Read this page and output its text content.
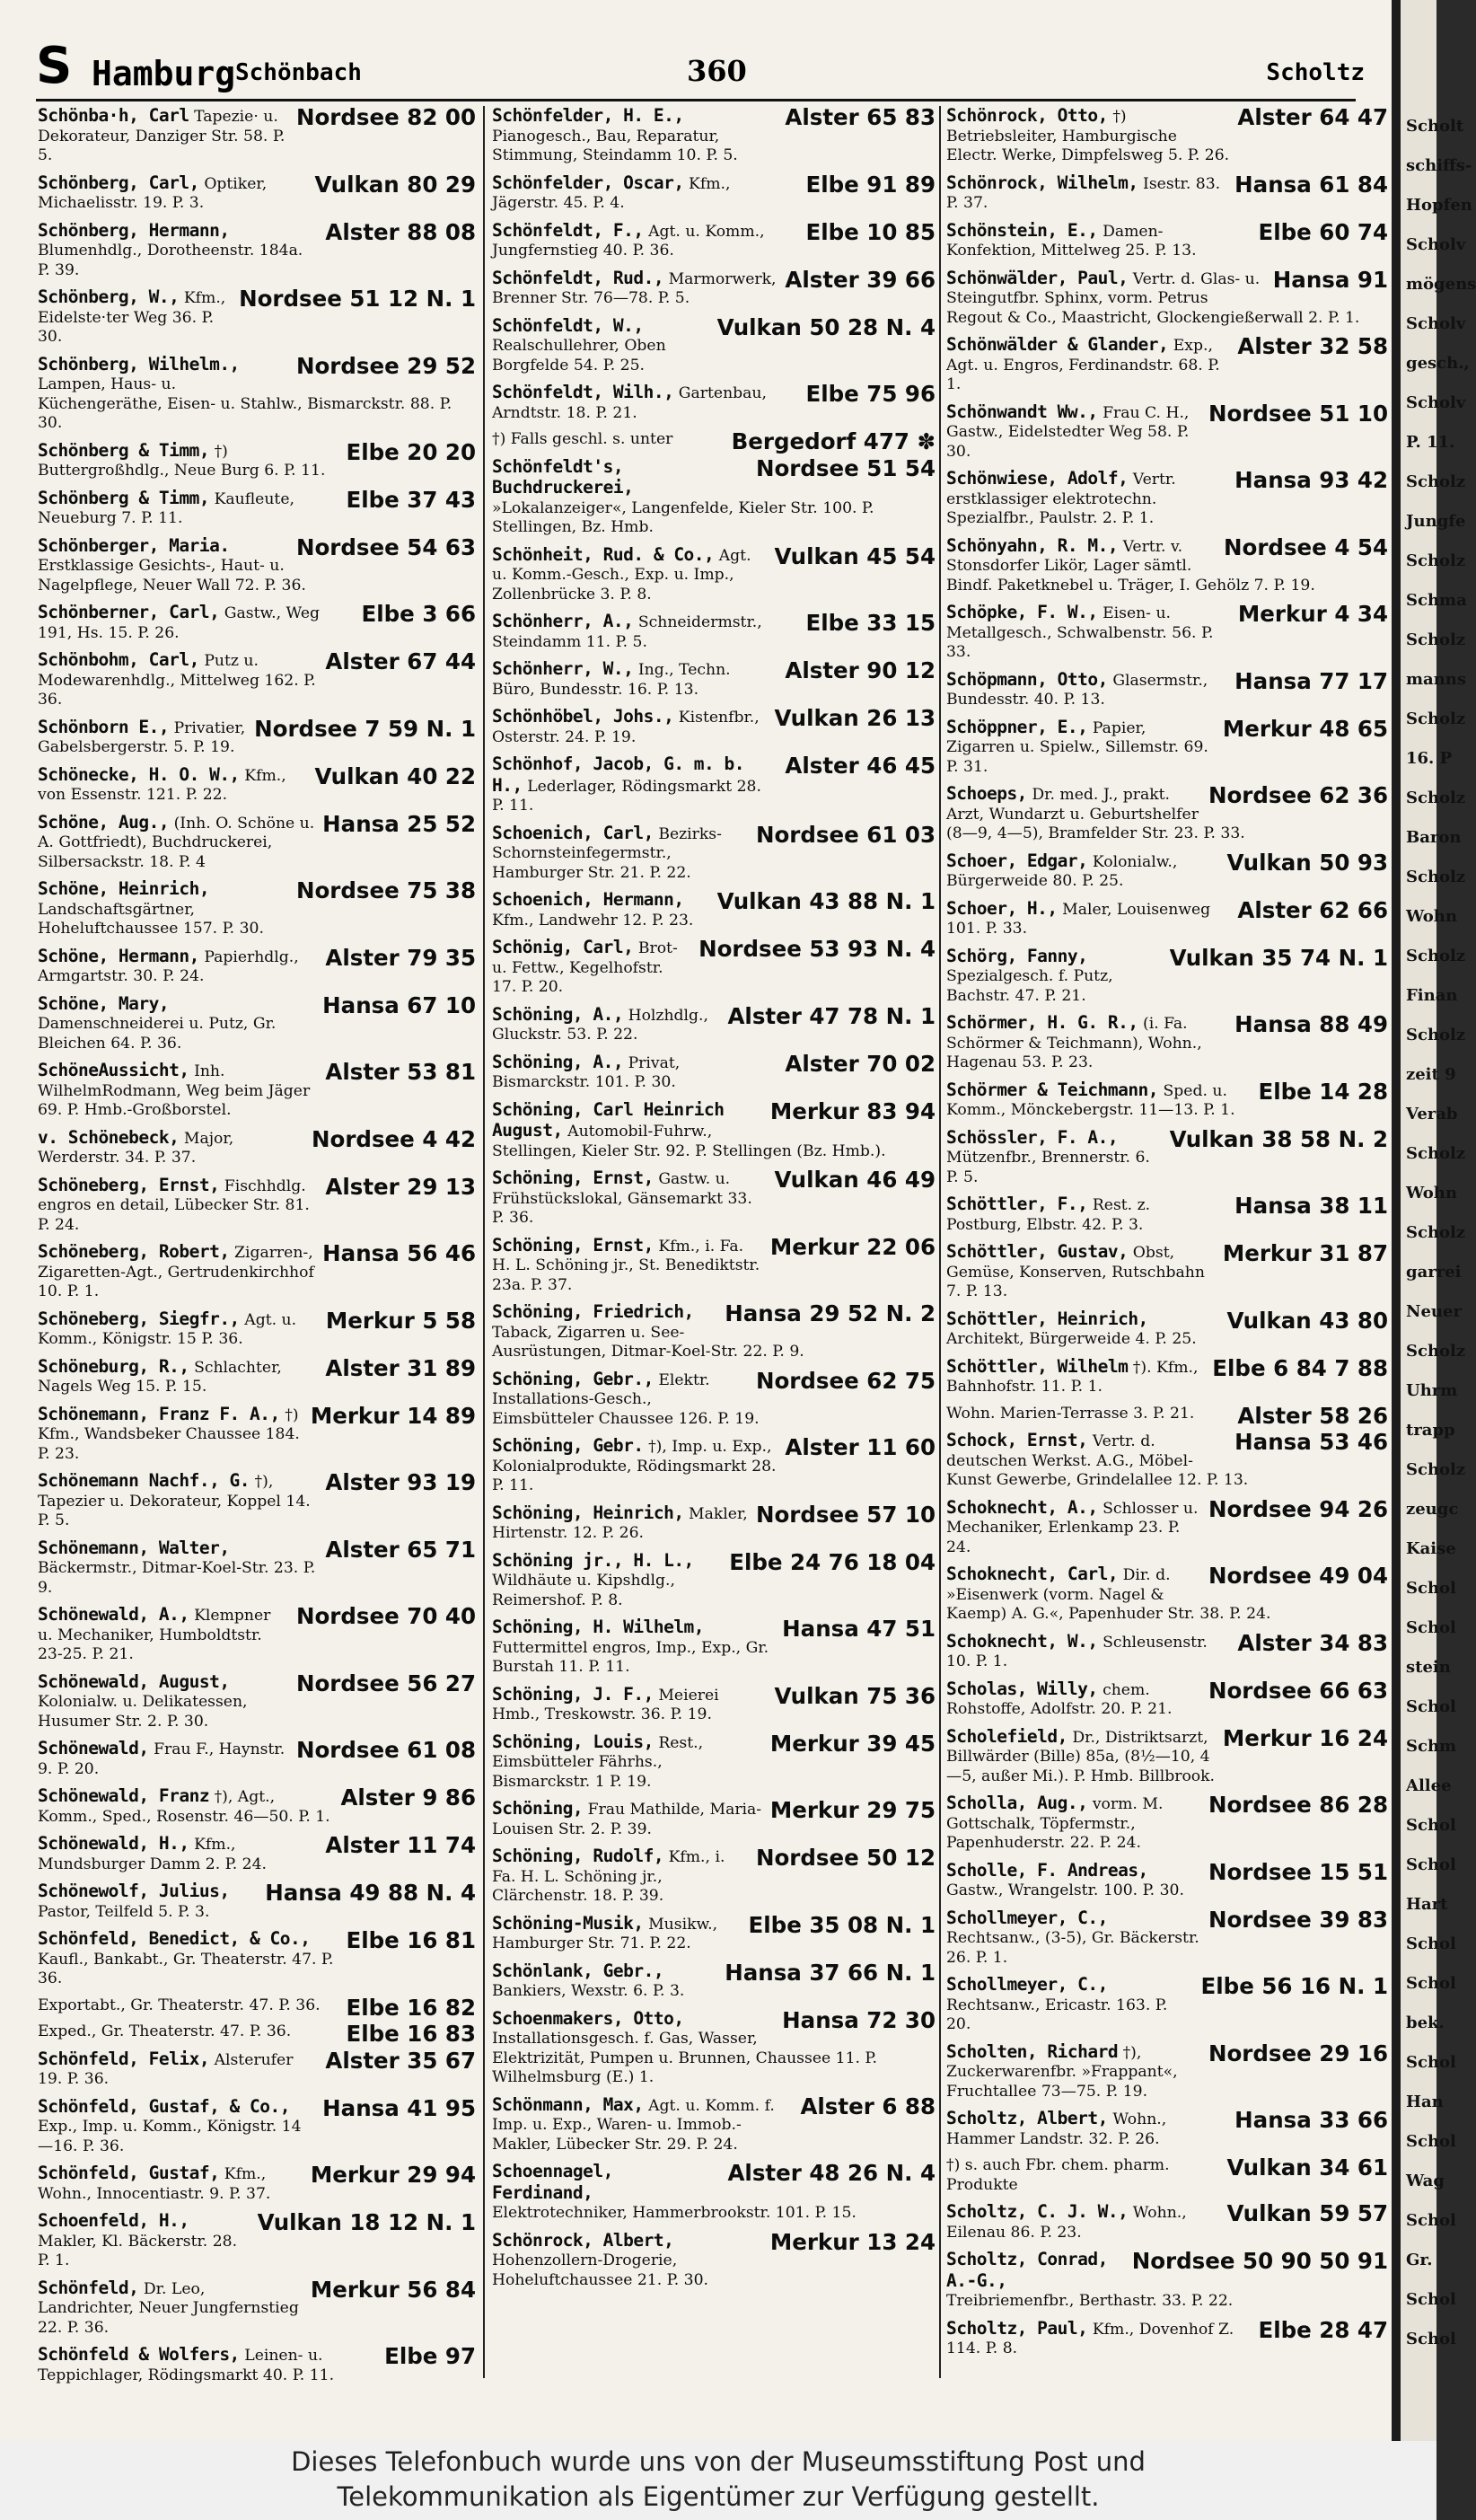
S Hamburg Schönbach	360	Scholtz
Nordsee 82 00
Schönba·h, Carl Tapezie· u. Dekorateur, Danziger Str. 58. P. 5.
Vulkan 80 29
Schönberg, Carl, Optiker, Michaelisstr. 19. P. 3.
Alster 88 08
Schönberg, Hermann, Blumenhdlg., Dorotheenstr. 184a. P. 39.
Nordsee 51 12 N. 1
Schönberg, W., Kfm., Eidelste·ter Weg 36. P. 30.
Nordsee 29 52
Schönberg, Wilhelm., Lampen, Haus- u. Küchengeräthe, Eisen- u. Stahlw., Bismarckstr. 88. P. 30.
Elbe 20 20
Schönberg & Timm, †) Buttergroßhdlg., Neue Burg 6. P. 11.
Elbe 37 43
Schönberg & Timm, Kaufleute, Neueburg 7. P. 11.
Nordsee 54 63
Schönberger, Maria. Erstklassige Gesichts-, Haut- u. Nagelpflege, Neuer Wall 72. P. 36.
Elbe 3 66
Schönberner, Carl, Gastw., Weg 191, Hs. 15. P. 26.
Alster 67 44
Schönbohm, Carl, Putz u. Modewarenhdlg., Mittelweg 162. P. 36.
Nordsee 7 59 N. 1
Schönborn E., Privatier, Gabelsbergerstr. 5. P. 19.
Vulkan 40 22
Schönecke, H. O. W., Kfm., von Essenstr. 121. P. 22.
Hansa 25 52
Schöne, Aug., (Inh. O. Schöne u. A. Gottfriedt), Buchdruckerei, Silbersackstr. 18. P. 4
Nordsee 75 38
Schöne, Heinrich, Landschaftsgärtner, Hoheluftchaussee 157. P. 30.
Alster 79 35
Schöne, Hermann, Papierhdlg., Armgartstr. 30. P. 24.
Hansa 67 10
Schöne, Mary, Damenschneiderei u. Putz, Gr. Bleichen 64. P. 36.
Alster 53 81
SchöneAussicht, Inh. WilhelmRodmann, Weg beim Jäger 69. P. Hmb.-Großborstel.
Nordsee 4 42
v. Schönebeck, Major, Werderstr. 34. P. 37.
Alster 29 13
Schöneberg, Ernst, Fischhdlg. engros en detail, Lübecker Str. 81. P. 24.
Hansa 56 46
Schöneberg, Robert, Zigarren-, Zigaretten-Agt., Gertrudenkirchhof 10. P. 1.
Merkur 5 58
Schöneberg, Siegfr., Agt. u. Komm., Königstr. 15 P. 36.
Alster 31 89
Schöneburg, R., Schlachter, Nagels Weg 15. P. 15.
Merkur 14 89
Schönemann, Franz F. A., †) Kfm., Wandsbeker Chaussee 184. P. 23.
Alster 93 19
Schönemann Nachf., G. †), Tapezier u. Dekorateur, Koppel 14. P. 5.
Alster 65 71
Schönemann, Walter, Bäckermstr., Ditmar-Koel-Str. 23. P. 9.
Nordsee 70 40
Schönewald, A., Klempner u. Mechaniker, Humboldtstr. 23-25. P. 21.
Nordsee 56 27
Schönewald, August, Kolonialw. u. Delikatessen, Husumer Str. 2. P. 30.
Nordsee 61 08
Schönewald, Frau F., Haynstr. 9. P. 20.
Alster 9 86
Schönewald, Franz †), Agt., Komm., Sped., Rosenstr. 46—50. P. 1.
Alster 11 74
Schönewald, H., Kfm., Mundsburger Damm 2. P. 24.
Hansa 49 88 N. 4
Schönewolf, Julius, Pastor, Teilfeld 5. P. 3.
Elbe 16 81
Schönfeld, Benedict, & Co., Kaufl., Bankabt., Gr. Theaterstr. 47. P. 36.
Elbe 16 82
Exportabt., Gr. Theaterstr. 47. P. 36.
Elbe 16 83
Exped., Gr. Theaterstr. 47. P. 36.
Alster 35 67
Schönfeld, Felix, Alsterufer 19. P. 36.
Hansa 41 95
Schönfeld, Gustaf, & Co., Exp., Imp. u. Komm., Königstr. 14—16. P. 36.
Merkur 29 94
Schönfeld, Gustaf, Kfm., Wohn., Innocentiastr. 9. P. 37.
Vulkan 18 12 N. 1
Schoenfeld, H., Makler, Kl. Bäckerstr. 28. P. 1.
Merkur 56 84
Schönfeld, Dr. Leo, Landrichter, Neuer Jungfernstieg 22. P. 36.
Elbe 97
Schönfeld & Wolfers, Leinen- u. Teppichlager, Rödingsmarkt 40. P. 11.
Alster 65 83
Schönfelder, H. E., Pianogesch., Bau, Reparatur, Stimmung, Steindamm 10. P. 5.
Elbe 91 89
Schönfelder, Oscar, Kfm., Jägerstr. 45. P. 4.
Elbe 10 85
Schönfeldt, F., Agt. u. Komm., Jungfernstieg 40. P. 36.
Alster 39 66
Schönfeldt, Rud., Marmorwerk, Brenner Str. 76—78. P. 5.
Vulkan 50 28 N. 4
Schönfeldt, W., Realschullehrer, Oben Borgfelde 54. P. 25.
Elbe 75 96
Schönfeldt, Wilh., Gartenbau, Arndtstr. 18. P. 21.
Bergedorf 477 ✽
†) Falls geschl. s. unter
Nordsee 51 54
Schönfeldt's, Buchdruckerei, »Lokalanzeiger«, Langenfelde, Kieler Str. 100. P. Stellingen, Bz. Hmb.
Vulkan 45 54
Schönheit, Rud. & Co., Agt. u. Komm.-Gesch., Exp. u. Imp., Zollenbrücke 3. P. 8.
Elbe 33 15
Schönherr, A., Schneidermstr., Steindamm 11. P. 5.
Alster 90 12
Schönherr, W., Ing., Techn. Büro, Bundesstr. 16. P. 13.
Vulkan 26 13
Schönhöbel, Johs., Kistenfbr., Osterstr. 24. P. 19.
Alster 46 45
Schönhof, Jacob, G. m. b. H., Lederlager, Rödingsmarkt 28. P. 11.
Nordsee 61 03
Schoenich, Carl, Bezirks-Schornsteinfegermstr., Hamburger Str. 21. P. 22.
Vulkan 43 88 N. 1
Schoenich, Hermann, Kfm., Landwehr 12. P. 23.
Nordsee 53 93 N. 4
Schönig, Carl, Brot- u. Fettw., Kegelhofstr. 17. P. 20.
Alster 47 78 N. 1
Schöning, A., Holzhdlg., Gluckstr. 53. P. 22.
Alster 70 02
Schöning, A., Privat, Bismarckstr. 101. P. 30.
Merkur 83 94
Schöning, Carl Heinrich August, Automobil-Fuhrw., Stellingen, Kieler Str. 92. P. Stellingen (Bz. Hmb.).
Vulkan 46 49
Schöning, Ernst, Gastw. u. Frühstückslokal, Gänsemarkt 33. P. 36.
Merkur 22 06
Schöning, Ernst, Kfm., i. Fa. H. L. Schöning jr., St. Benediktstr. 23a. P. 37.
Hansa 29 52 N. 2
Schöning, Friedrich, Taback, Zigarren u. See-Ausrüstungen, Ditmar-Koel-Str. 22. P. 9.
Nordsee 62 75
Schöning, Gebr., Elektr. Installations-Gesch., Eimsbütteler Chaussee 126. P. 19.
Alster 11 60
Schöning, Gebr. †), Imp. u. Exp., Kolonialprodukte, Rödingsmarkt 28. P. 11.
Nordsee 57 10
Schöning, Heinrich, Makler, Hirtenstr. 12. P. 26.
Elbe 24 76 18 04
Schöning jr., H. L., Wildhäute u. Kipshdlg., Reimershof. P. 8.
Hansa 47 51
Schöning, H. Wilhelm, Futtermittel engros, Imp., Exp., Gr. Burstah 11. P. 11.
Vulkan 75 36
Schöning, J. F., Meierei Hmb., Treskowstr. 36. P. 19.
Merkur 39 45
Schöning, Louis, Rest., Eimsbütteler Fährhs., Bismarckstr. 1 P. 19.
Merkur 29 75
Schöning, Frau Mathilde, Maria-Louisen Str. 2. P. 39.
Nordsee 50 12
Schöning, Rudolf, Kfm., i. Fa. H. L. Schöning jr., Clärchenstr. 18. P. 39.
Elbe 35 08 N. 1
Schöning-Musik, Musikw., Hamburger Str. 71. P. 22.
Hansa 37 66 N. 1
Schönlank, Gebr., Bankiers, Wexstr. 6. P. 3.
Hansa 72 30
Schoenmakers, Otto, Installationsgesch. f. Gas, Wasser, Elektrizität, Pumpen u. Brunnen, Chaussee 11. P. Wilhelmsburg (E.) 1.
Alster 6 88
Schönmann, Max, Agt. u. Komm. f. Imp. u. Exp., Waren- u. Immob.-Makler, Lübecker Str. 29. P. 24.
Alster 48 26 N. 4
Schoennagel, Ferdinand, Elektrotechniker, Hammerbrookstr. 101. P. 15.
Merkur 13 24
Schönrock, Albert, Hohenzollern-Drogerie, Hoheluftchaussee 21. P. 30.
Alster 64 47
Schönrock, Otto, †) Betriebsleiter, Hamburgische Electr. Werke, Dimpfelsweg 5. P. 26.
Hansa 61 84
Schönrock, Wilhelm, Isestr. 83. P. 37.
Elbe 60 74
Schönstein, E., Damen-Konfektion, Mittelweg 25. P. 13.
Hansa 91
Schönwälder, Paul, Vertr. d. Glas- u. Steingutfbr. Sphinx, vorm. Petrus Regout & Co., Maastricht, Glockengießerwall 2. P. 1.
Alster 32 58
Schönwälder & Glander, Exp., Agt. u. Engros, Ferdinandstr. 68. P. 1.
Nordsee 51 10
Schönwandt Ww., Frau C. H., Gastw., Eidelstedter Weg 58. P. 30.
Hansa 93 42
Schönwiese, Adolf, Vertr. erstklassiger elektrotechn. Spezialfbr., Paulstr. 2. P. 1.
Nordsee 4 54
Schönyahn, R. M., Vertr. v. Stonsdorfer Likör, Lager sämtl. Bindf. Paketknebel u. Träger, I. Gehölz 7. P. 19.
Merkur 4 34
Schöpke, F. W., Eisen- u. Metallgesch., Schwalbenstr. 56. P. 33.
Hansa 77 17
Schöpmann, Otto, Glasermstr., Bundesstr. 40. P. 13.
Merkur 48 65
Schöppner, E., Papier, Zigarren u. Spielw., Sillemstr. 69. P. 31.
Nordsee 62 36
Schoeps, Dr. med. J., prakt. Arzt, Wundarzt u. Geburtshelfer (8—9, 4—5), Bramfelder Str. 23. P. 33.
Vulkan 50 93
Schoer, Edgar, Kolonialw., Bürgerweide 80. P. 25.
Alster 62 66
Schoer, H., Maler, Louisenweg 101. P. 33.
Vulkan 35 74 N. 1
Schörg, Fanny, Spezialgesch. f. Putz, Bachstr. 47. P. 21.
Hansa 88 49
Schörmer, H. G. R., (i. Fa. Schörmer & Teichmann), Wohn., Hagenau 53. P. 23.
Elbe 14 28
Schörmer & Teichmann, Sped. u. Komm., Mönckebergstr. 11—13. P. 1.
Vulkan 38 58 N. 2
Schössler, F. A., Mützenfbr., Brennerstr. 6. P. 5.
Hansa 38 11
Schöttler, F., Rest. z. Postburg, Elbstr. 42. P. 3.
Merkur 31 87
Schöttler, Gustav, Obst, Gemüse, Konserven, Rutschbahn 7. P. 13.
Vulkan 43 80
Schöttler, Heinrich, Architekt, Bürgerweide 4. P. 25.
Elbe 6 84 7 88
Schöttler, Wilhelm †). Kfm., Bahnhofstr. 11. P. 1.
Alster 58 26
Wohn. Marien-Terrasse 3. P. 21.
Hansa 53 46
Schock, Ernst, Vertr. d. deutschen Werkst. A.G., Möbel-Kunst Gewerbe, Grindelallee 12. P. 13.
Nordsee 94 26
Schoknecht, A., Schlosser u. Mechaniker, Erlenkamp 23. P. 24.
Nordsee 49 04
Schoknecht, Carl, Dir. d. »Eisenwerk (vorm. Nagel & Kaemp) A. G.«, Papenhuder Str. 38. P. 24.
Alster 34 83
Schoknecht, W., Schleusenstr. 10. P. 1.
Nordsee 66 63
Scholas, Willy, chem. Rohstoffe, Adolfstr. 20. P. 21.
Merkur 16 24
Scholefield, Dr., Distriktsarzt, Billwärder (Bille) 85a, (8½—10, 4—5, außer Mi.). P. Hmb. Billbrook.
Nordsee 86 28
Scholla, Aug., vorm. M. Gottschalk, Töpfermstr., Papenhuderstr. 22. P. 24.
Nordsee 15 51
Scholle, F. Andreas, Gastw., Wrangelstr. 100. P. 30.
Nordsee 39 83
Schollmeyer, C., Rechtsanw., (3-5), Gr. Bäckerstr. 26. P. 1.
Elbe 56 16 N. 1
Schollmeyer, C., Rechtsanw., Ericastr. 163. P. 20.
Nordsee 29 16
Scholten, Richard †), Zuckerwarenfbr. »Frappant«, Fruchtallee 73—75. P. 19.
Hansa 33 66
Scholtz, Albert, Wohn., Hammer Landstr. 32. P. 26.
Vulkan 34 61
†) s. auch Fbr. chem. pharm. Produkte
Vulkan 59 57
Scholtz, C. J. W., Wohn., Eilenau 86. P. 23.
Nordsee 50 90 50 91
Scholtz, Conrad, A.-G., Treibriemenfbr., Berthastr. 33. P. 22.
Elbe 28 47
Scholtz, Paul, Kfm., Dovenhof Z. 114. P. 8.
Scholt
schiffs-
Hopfen
Scholv
mögens
Scholv
gesch.,
Scholv
P. 11.
Scholz
Jungfe
Scholz
Schma
Scholz
manns
Scholz
16. P
Scholz
Baron
Scholz
Wohn
Scholz
Finan
Scholz
zeit 9
Verab
Scholz
Wohn
Scholz
garrei
Neuer
Scholz
Uhrm
trapp
Scholz
zeugc
Kaise
Schol
Schol
stein
Schol
Schm
Allee
Schol
Schol
Hart
Schol
Schol
bek.
Schol
Han
Schol
Wag
Schol
Gr.
Schol
Schol
Dieses Telefonbuch wurde uns von der Museumsstiftung Post und
Telekommunikation als Eigentümer zur Verfügung gestellt.
